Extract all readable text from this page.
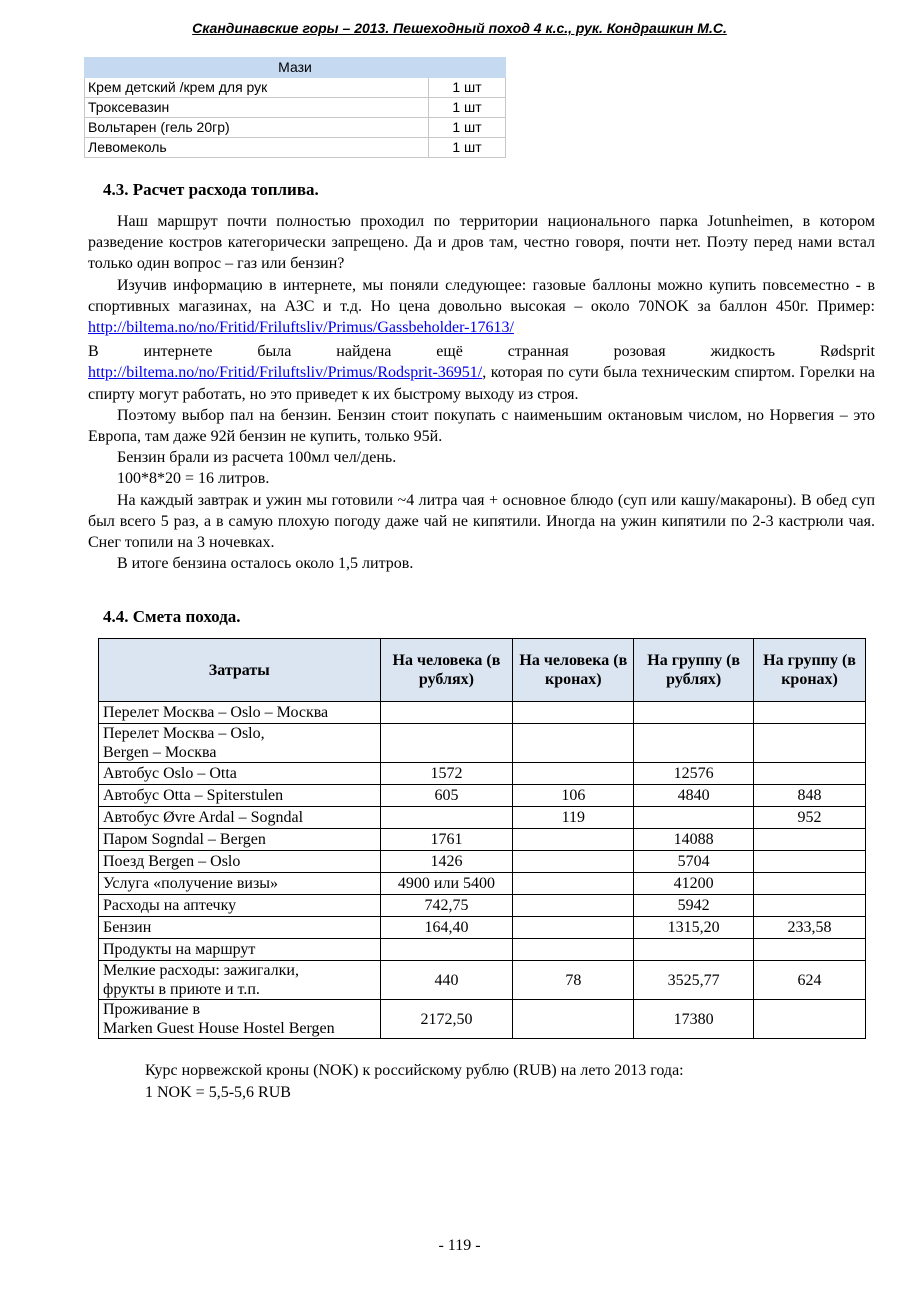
Скандинавские горы – 2013. Пешеходный поход 4 к.с., рук. Кондрашкин М.С.
Мази	
Крем детский /крем для рук	1 шт
Троксевазин	1 шт
Вольтарен (гель 20гр)	1 шт
Левомеколь	1 шт
4.3. Расчет расхода топлива.

Наш маршрут почти полностью проходил по территории национального парка Jotunheimen, в котором разведение костров категорически запрещено. Да и дров там, честно говоря, почти нет. Поэту перед нами встал только один вопрос – газ или бензин?

Изучив информацию в интернете, мы поняли следующее: газовые баллоны можно купить повсеместно - в спортивных магазинах, на АЗС и т.д. Но цена довольно высокая – около 70NOK за баллон 450г. Пример: http://biltema.no/no/Fritid/Friluftsliv/Primus/Gassbeholder-17613/

В интернете была найдена ещё странная розовая жидкость Rødsprit

http://biltema.no/no/Fritid/Friluftsliv/Primus/Rodsprit-36951/, которая по сути была техническим спиртом. Горелки на спирту могут работать, но это приведет к их быстрому выходу из строя.

Поэтому выбор пал на бензин. Бензин стоит покупать с наименьшим октановым числом, но Норвегия – это Европа, там даже 92й бензин не купить, только 95й.

Бензин брали из расчета 100мл чел/день.

100*8*20 = 16 литров.

На каждый завтрак и ужин мы готовили ~4 литра чая + основное блюдо (суп или кашу/макароны). В обед суп был всего 5 раз, а в самую плохую погоду даже чай не кипятили. Иногда на ужин кипятили по 2-3 кастрюли чая. Снег топили на 3 ночевках.

В итоге бензина осталось около 1,5 литров.

4.4. Смета похода.
Затраты	На человека (в рублях)	На человека (в кронах)	На группу (в рублях)	На группу (в кронах)
Перелет Москва – Oslo – Москва				
Перелет Москва – Oslo,
Bergen – Москва				
Автобус Oslo – Otta	1572		12576	
Автобус Otta – Spiterstulen	605	106	4840	848
Автобус Øvre Ardal – Sogndal		119		952
Паром Sogndal – Bergen	1761		14088	
Поезд Bergen – Oslo	1426		5704	
Услуга «получение визы»	4900 или 5400		41200	
Расходы на аптечку	742,75		5942	
Бензин	164,40		1315,20	233,58
Продукты на маршрут				
Мелкие расходы: зажигалки,
фрукты в приюте и т.п.	440	78	3525,77	624
Проживание в
Marken Guest House Hostel Bergen	2172,50		17380	
Курс норвежской кроны (NOK) к российскому рублю (RUB) на лето 2013 года:
1 NOK = 5,5-5,6 RUB
- 119 -
